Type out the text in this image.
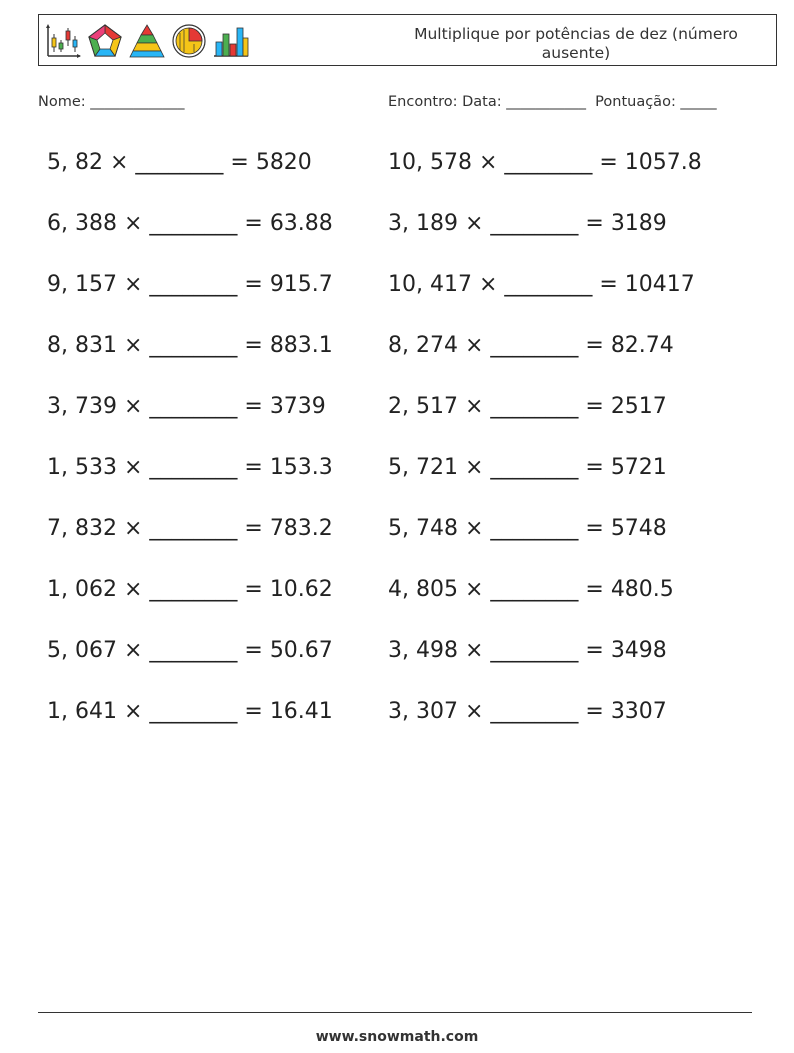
Multiplique por potências de dez (número ausente)
Nome: _____________	Encontro: Data: ___________  Pontuação: _____
5, 82 × ________ = 5820
6, 388 × ________ = 63.88
9, 157 × ________ = 915.7
8, 831 × ________ = 883.1
3, 739 × ________ = 3739
1, 533 × ________ = 153.3
7, 832 × ________ = 783.2
1, 062 × ________ = 10.62
5, 067 × ________ = 50.67
1, 641 × ________ = 16.41
10, 578 × ________ = 1057.8
3, 189 × ________ = 3189
10, 417 × ________ = 10417
8, 274 × ________ = 82.74
2, 517 × ________ = 2517
5, 721 × ________ = 5721
5, 748 × ________ = 5748
4, 805 × ________ = 480.5
3, 498 × ________ = 3498
3, 307 × ________ = 3307
www.snowmath.com
